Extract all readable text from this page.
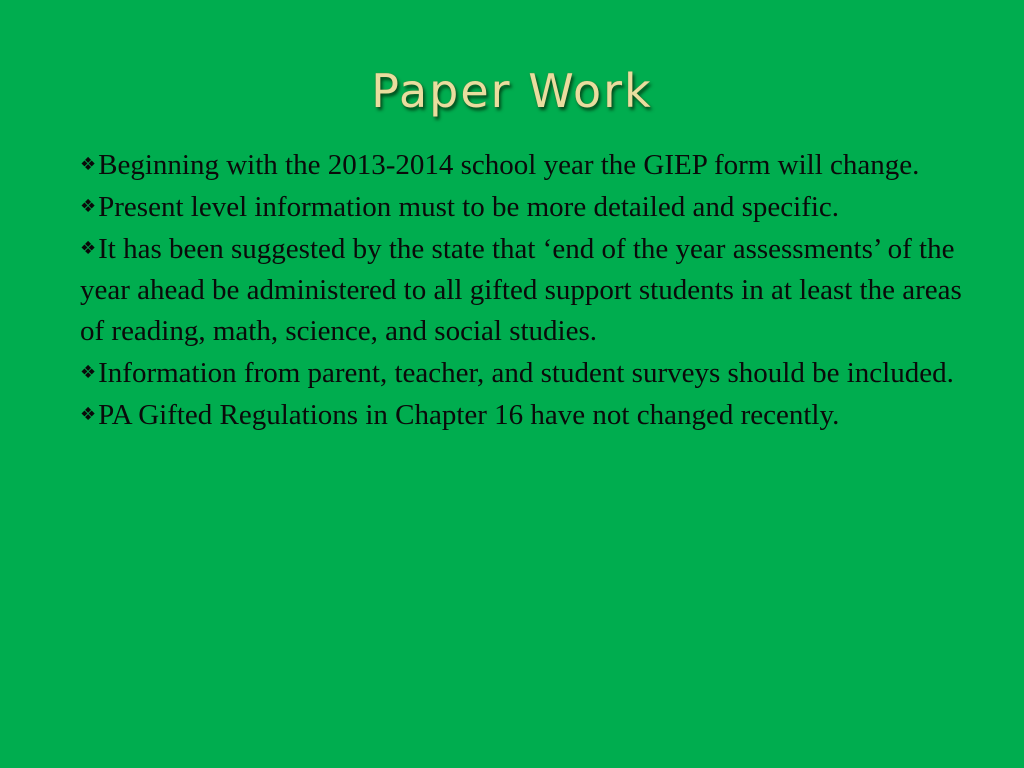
Paper Work
❖Beginning with the 2013-2014 school year the GIEP form will change.
❖Present level information must to be more detailed and specific.
❖It has been suggested by the state that ‘end of the year assessments’ of the year ahead be administered to all gifted support students in at least the areas of reading, math, science, and social studies.
❖Information from parent, teacher, and student surveys should be included.
❖PA Gifted Regulations in Chapter 16 have not changed recently.
